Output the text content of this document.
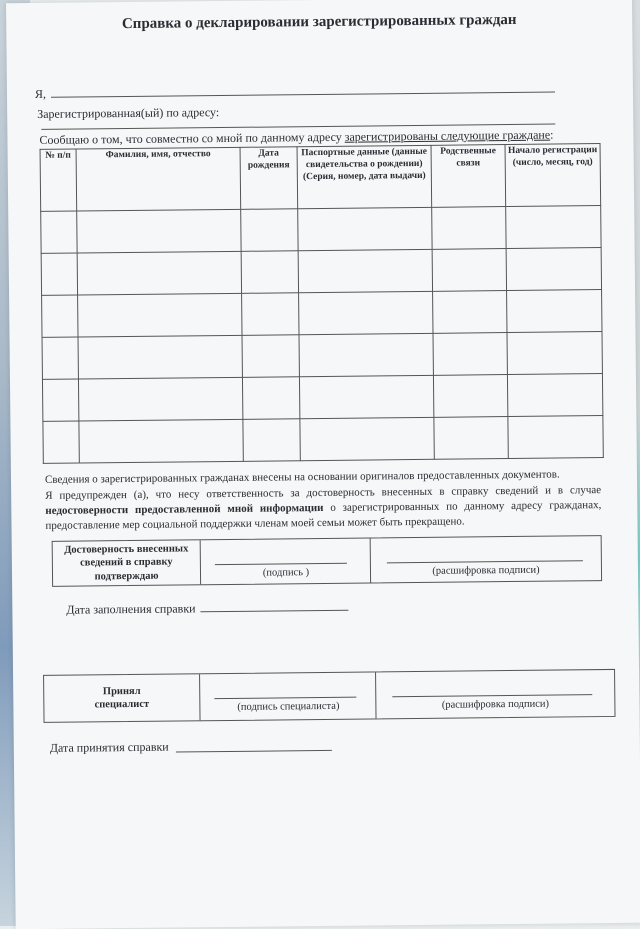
Справка о декларировании зарегистрированных граждан
Я,
Зарегистрированная(ый) по адресу:
Сообщаю о том, что совместно со мной по данному адресу зарегистрированы следующие граждане:
№ п/п	Фамилия, имя, отчество	Дата рождения	Паспортные данные (данные свидетельства о рождении) (Серия, номер, дата выдачи)	Родственные связи	Начало регистрации (число, месяц, год)

Сведения о зарегистрированных гражданах внесены на основании оригиналов предоставленных документов.
Я предупрежден (а), что несу ответственность за достоверность внесенных в справку сведений и в случае недостоверности предоставленной мной информации о зарегистрированных по данному адресу гражданах, предоставление мер социальной поддержки членам моей семьи может быть прекращено.
Достоверность внесенных сведений в справку подтверждаю	(подпись )	(расшифровка подписи)
Дата заполнения справки
Принял специалист	(подпись специалиста)	(расшифровка подписи)
Дата принятия справки
